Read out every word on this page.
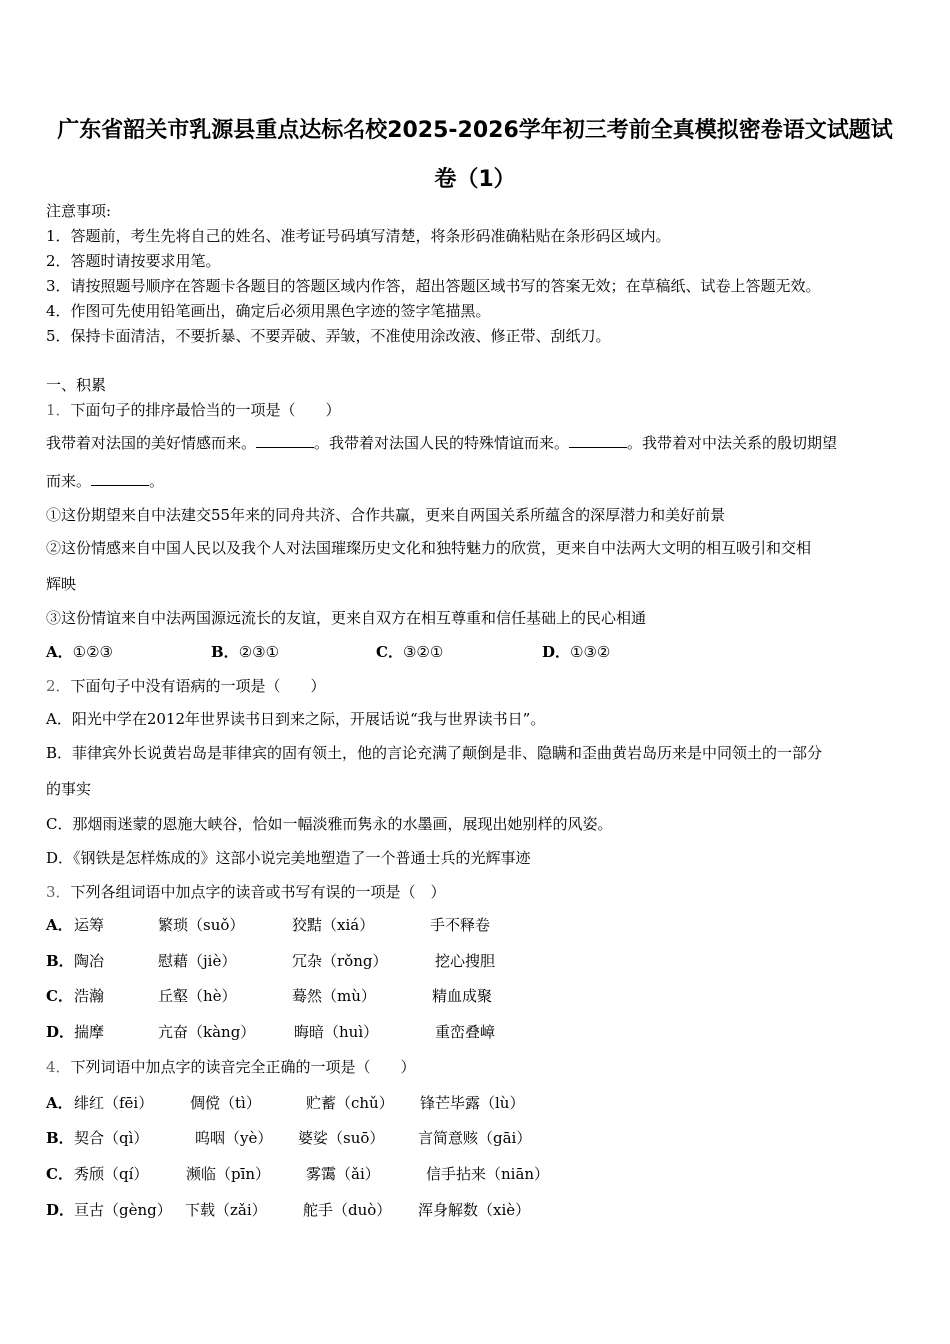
广东省韶关市乳源县重点达标名校2025-2026学年初三考前全真模拟密卷语文试题试
卷（1）
注意事项:
1．答题前，考生先将自己的姓名、准考证号码填写清楚，将条形码准确粘贴在条形码区域内。
2．答题时请按要求用笔。
3．请按照题号顺序在答题卡各题目的答题区域内作答，超出答题区域书写的答案无效；在草稿纸、试卷上答题无效。
4．作图可先使用铅笔画出，确定后必须用黑色字迹的签字笔描黑。
5．保持卡面清洁，不要折暴、不要弄破、弄皱，不准使用涂改液、修正带、刮纸刀。
一、积累
1．下面句子的排序最恰当的一项是（　　）
我带着对法国的美好情感而来。	。我带着对法国人民的特殊情谊而来。	。我带着对中法关系的殷切期望
而来。	。
①这份期望来自中法建交55年来的同舟共济、合作共赢，更来自两国关系所蕴含的深厚潜力和美好前景
②这份情感来自中国人民以及我个人对法国璀璨历史文化和独特魅力的欣赏，更来自中法两大文明的相互吸引和交相
辉映
③这份情谊来自中法两国源远流长的友谊，更来自双方在相互尊重和信任基础上的民心相通
A．①②③	B．②③①	C．③②①	D．①③②
2．下面句子中没有语病的一项是（　　）
A．阳光中学在2012年世界读书日到来之际，开展话说“我与世界读书日”。
B．菲律宾外长说黄岩岛是菲律宾的固有领土，他的言论充满了颠倒是非、隐瞒和歪曲黄岩岛历来是中同领土的一部分
的事实
C．那烟雨迷蒙的恩施大峡谷，恰如一幅淡雅而隽永的水墨画，展现出她别样的风姿。
D．《钢铁是怎样炼成的》这部小说完美地塑造了一个普通士兵的光辉事迹
3．下列各组词语中加点字的读音或书写有误的一项是（　）
A． 运筹	繁琐（suǒ）	狡黠（xiá）	手不释卷
B． 陶冶	慰藉（jiè）	冗杂（rǒng）	挖心搜胆
C． 浩瀚	丘壑（hè）	蓦然（mù）	精血成聚
D． 揣摩	亢奋（kàng）	晦暗（huì）	重峦叠嶂
4．下列词语中加点字的读音完全正确的一项是（　　）
A． 绯红（fēi） 倜傥（tì）	贮蓄（chǔ） 锋芒毕露（lù）
B． 契合（qì）	呜咽（yè） 婆娑（suō） 言简意赅（gāi）
C． 秀颀（qí）	濒临（pīn） 雾霭（ǎi）	信手拈来（niān）
D． 亘古（gèng） 下载（zǎi） 舵手（duò） 浑身解数（xiè）
